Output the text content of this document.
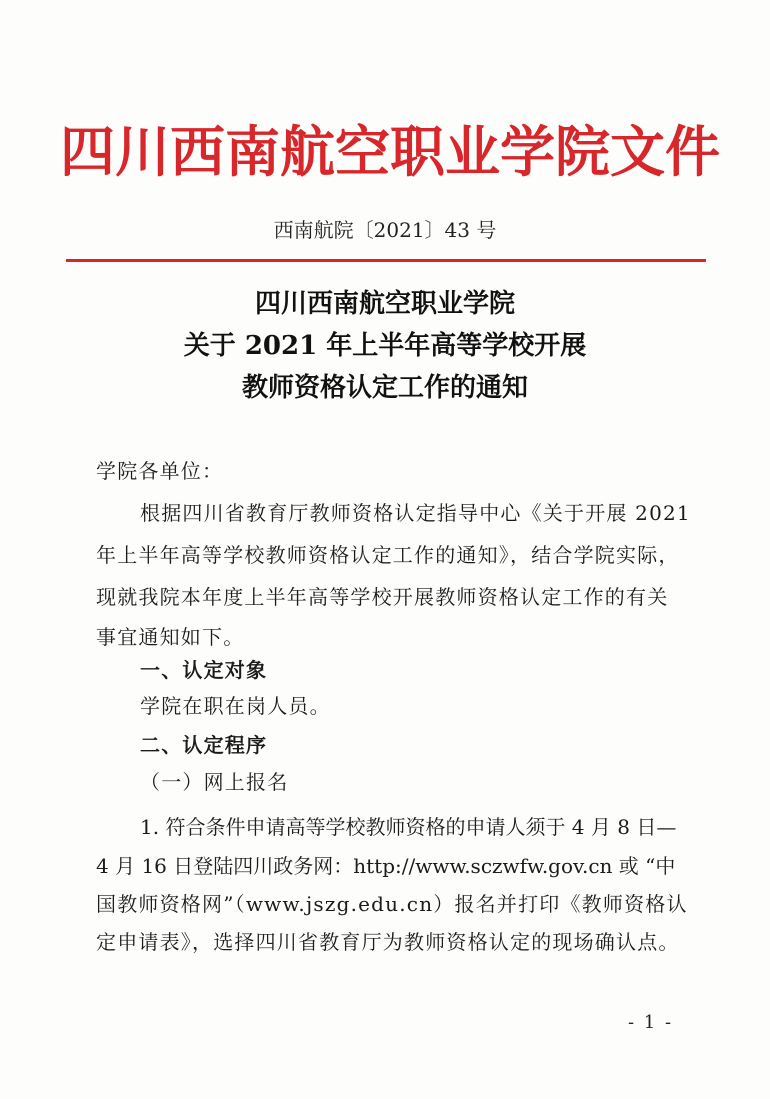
四川西南航空职业学院文件
西南航院〔2021〕43 号
四川西南航空职业学院
关于 2021 年上半年高等学校开展
教师资格认定工作的通知
学院各单位：
根据四川省教育厅教师资格认定指导中心《关于开展 2021
年上半年高等学校教师资格认定工作的通知》，结合学院实际，
现就我院本年度上半年高等学校开展教师资格认定工作的有关
事宜通知如下。
一、认定对象
学院在职在岗人员。
二、认定程序
（一）网上报名
1. 符合条件申请高等学校教师资格的申请人须于 4 月 8 日—
4 月 16 日登陆四川政务网：http://www.sczwfw.gov.cn 或 “中
国教师资格网”（www.jszg.edu.cn）报名并打印《教师资格认
定申请表》，选择四川省教育厅为教师资格认定的现场确认点。
- 1 -
